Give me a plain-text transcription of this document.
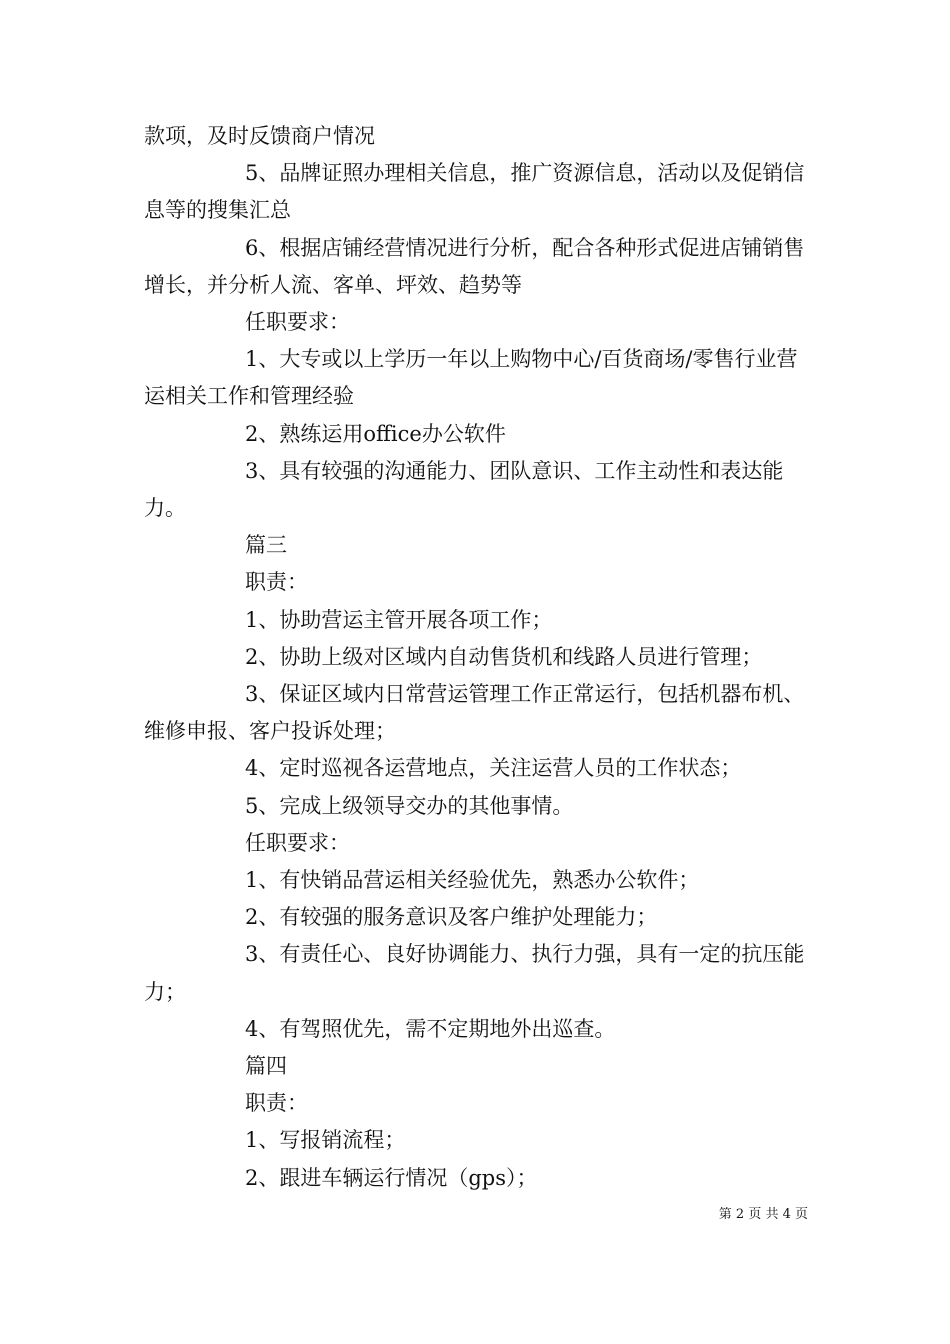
款项，及时反馈商户情况

5、品牌证照办理相关信息，推广资源信息，活动以及促销信息等的搜集汇总

6、根据店铺经营情况进行分析，配合各种形式促进店铺销售增长，并分析人流、客单、坪效、趋势等

任职要求：

1、大专或以上学历一年以上购物中心/百货商场/零售行业营运相关工作和管理经验

2、熟练运用office办公软件

3、具有较强的沟通能力、团队意识、工作主动性和表达能力。

篇三

职责：

1、协助营运主管开展各项工作；

2、协助上级对区域内自动售货机和线路人员进行管理；

3、保证区域内日常营运管理工作正常运行，包括机器布机、维修申报、客户投诉处理；

4、定时巡视各运营地点，关注运营人员的工作状态；

5、完成上级领导交办的其他事情。

任职要求：

1、有快销品营运相关经验优先，熟悉办公软件；

2、有较强的服务意识及客户维护处理能力；

3、有责任心、良好协调能力、执行力强，具有一定的抗压能力；

4、有驾照优先，需不定期地外出巡查。

篇四

职责：

1、写报销流程；

2、跟进车辆运行情况（gps）；

第 2 页 共 4 页
